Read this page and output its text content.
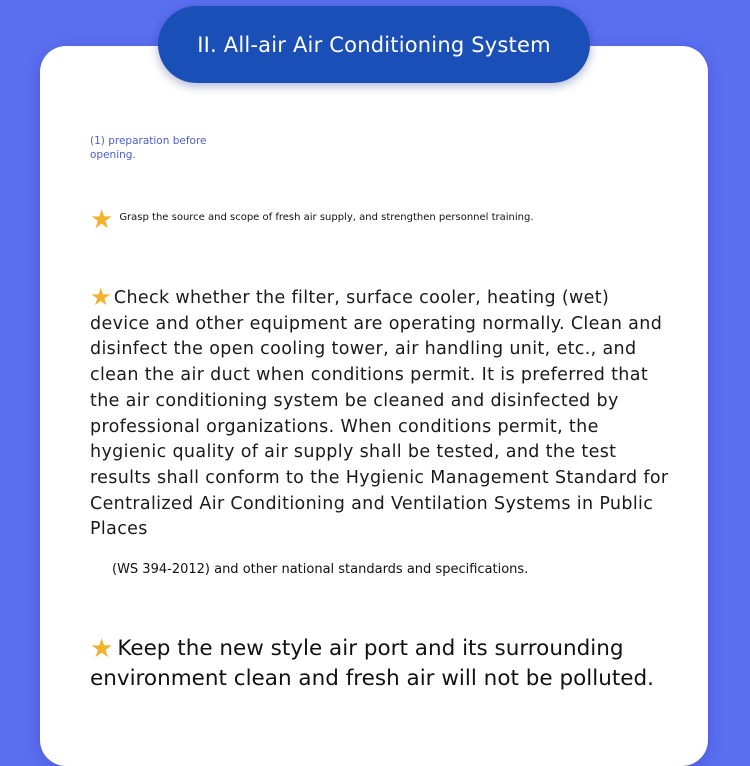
II. All-air Air Conditioning System
(1) preparation before opening.
★ Grasp the source and scope of fresh air supply, and strengthen personnel training.
★ Check whether the filter, surface cooler, heating (wet) device and other equipment are operating normally. Clean and disinfect the open cooling tower, air handling unit, etc., and clean the air duct when conditions permit. It is preferred that the air conditioning system be cleaned and disinfected by professional organizations. When conditions permit, the hygienic quality of air supply shall be tested, and the test results shall conform to the Hygienic Management Standard for Centralized Air Conditioning and Ventilation Systems in Public Places
(WS 394-2012) and other national standards and specifications.
★ Keep the new style air port and its surrounding environment clean and fresh air will not be polluted.
